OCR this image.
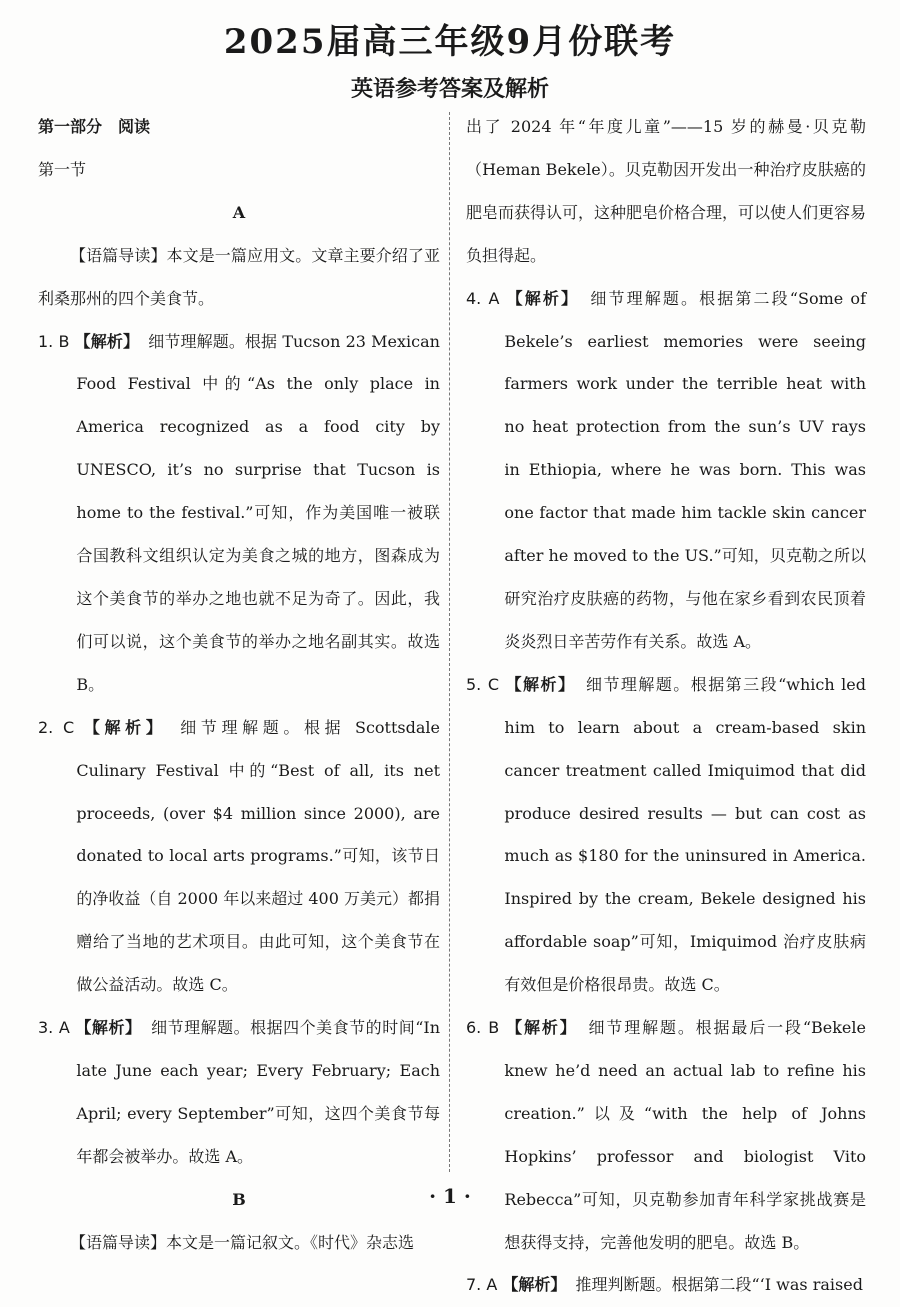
2025届高三年级9月份联考
英语参考答案及解析

第一部分　阅读

第一节

A

【语篇导读】本文是一篇应用文。文章主要介绍了亚利桑那州的四个美食节。

1. B 【解析】 细节理解题。根据 Tucson 23 Mexican Food Festival 中的“As the only place in America recognized as a food city by UNESCO, it’s no surprise that Tucson is home to the festival.”可知，作为美国唯一被联合国教科文组织认定为美食之城的地方，图森成为这个美食节的举办之地也就不足为奇了。因此，我们可以说，这个美食节的举办之地名副其实。故选 B。

2. C 【解析】 细节理解题。根据 Scottsdale Culinary Festival 中的“Best of all, its net proceeds, (over $4 million since 2000), are donated to local arts programs.”可知，该节日的净收益（自 2000 年以来超过 400 万美元）都捐赠给了当地的艺术项目。由此可知，这个美食节在做公益活动。故选 C。

3. A 【解析】 细节理解题。根据四个美食节的时间“In late June each year; Every February; Each April; every September”可知，这四个美食节每年都会被举办。故选 A。

B

【语篇导读】本文是一篇记叙文。《时代》杂志选

出了 2024 年“年度儿童”——15 岁的赫曼·贝克勒（Heman Bekele）。贝克勒因开发出一种治疗皮肤癌的肥皂而获得认可，这种肥皂价格合理，可以使人们更容易负担得起。

4. A 【解析】 细节理解题。根据第二段“Some of Bekele’s earliest memories were seeing farmers work under the terrible heat with no heat protection from the sun’s UV rays in Ethiopia, where he was born. This was one factor that made him tackle skin cancer after he moved to the US.”可知，贝克勒之所以研究治疗皮肤癌的药物，与他在家乡看到农民顶着炎炎烈日辛苦劳作有关系。故选 A。

5. C 【解析】 细节理解题。根据第三段“which led him to learn about a cream-based skin cancer treatment called Imiquimod that did produce desired results — but can cost as much as $180 for the uninsured in America. Inspired by the cream, Bekele designed his affordable soap”可知，Imiquimod 治疗皮肤病有效但是价格很昂贵。故选 C。

6. B 【解析】 细节理解题。根据最后一段“Bekele knew he’d need an actual lab to refine his creation.”以及“with the help of Johns Hopkins’ professor and biologist Vito Rebecca”可知，贝克勒参加青年科学家挑战赛是想获得支持，完善他发明的肥皂。故选 B。

7. A 【解析】 推理判断题。根据第二段“‘I was raised

· 1 ·
